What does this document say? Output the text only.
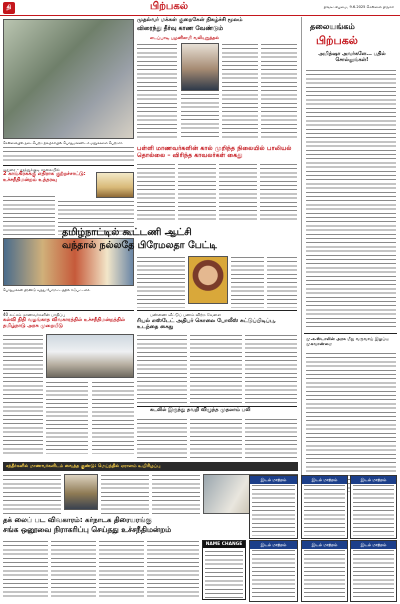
தி	பிற்பகல்	திங்கட்கிழமை, 9.6.2025 சென்னை திருச்சி
சென்னையில் நடைபெற்ற நிகழ்ச்சியில் பொதுமக்களிடம் மனுக்களை பெற்றார்.
முதல்வர் மக்கள் குறைகேள் நிகழ்ச்சி மூலம்
விரைந்து தீர்வு காண வேண்டும்
எடப்பாடி பழனிசாமி வலியுறுத்தல்
தலையங்கம்
பிற்பகல்
அமித்ஷா அவர்களே... பதில் சொல்லுங்கள்!
மு.க.ஸ்டாலின் அரசு மீது வருவாய் இழப்பு முகவாண்மை
மதுரை – தூத்துக்குடி சாலையில்
2 காங்கிரசுக்கு எதிராக குற்றச்சாட்டு: உச்சநீதிமன்றம் உத்தரவு
பொதுமக்கள் திரண்டு வந்து போராட்டத்தில் ஈடுபட்டனர்.
பள்ளி மாணவர்களின் கால் முறிந்த நிலையில் பாலியல் தொல்லை – விரிந்த காவலர்கள் கைது
தமிழ்நாட்டில் கூட்டணி ஆட்சி
வந்தால் நல்லதே பிரேமலதா பேட்டி
40 லட்சம் மாணவர்களின் பாதிப்பு
கல்வி நிதி வழங்காத விவகாரத்தில் உச்சநீதிமன்றத்தில் தமிழ்நாடு அரசு முறையீடு
பண்ணை வீட்டுப் பணம் விற்ற வேளை
ரியல் எஸ்டேட் அதிபர் கொலை போலீஸ் சுட்டுப்பிடிப்பு, உடந்தை கைது
கடலில் இருந்து தவறி விழுந்த முதலாம் பலி
சந்தீர்களில் மாணவர்களிடம் வைத்த குண்டு: மெய்ந்தில் ஏராளம் உயிரிழப்பு
தக் லைப் பட விவகாரம்: கர்நாடக திரையரங்கு
சங்க ஒனூவை நிராகரிப்பு செய்தது உச்சநீதிமன்றம்
NAME CHANGE
இடம் மாற்றம்
இடம் மாற்றம்
இடம் மாற்றம்	இடம் மாற்றம்
இடம் மாற்றம்	இடம் மாற்றம்
